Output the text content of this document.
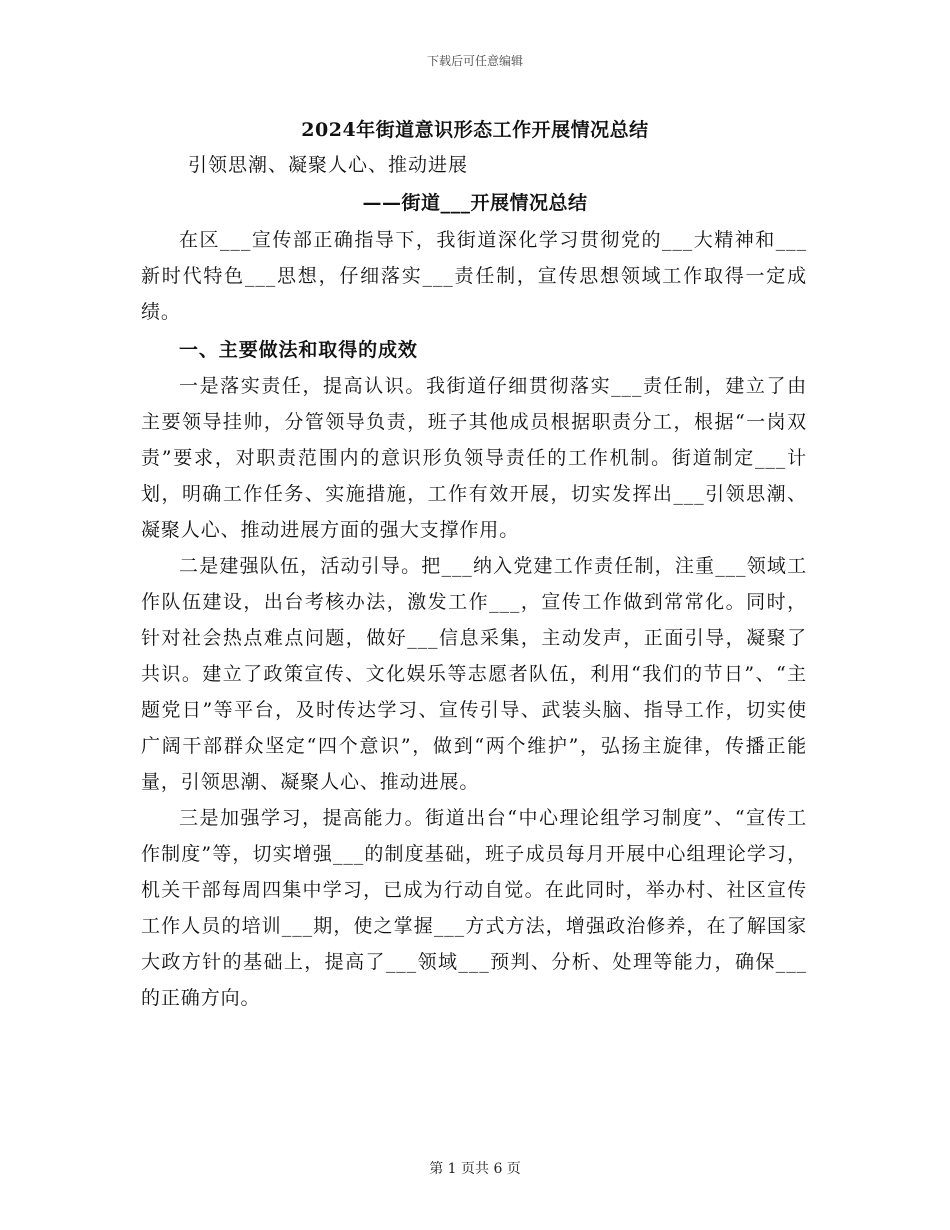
下载后可任意编辑
2024年街道意识形态工作开展情况总结
引领思潮、凝聚人心、推动进展
——街道___开展情况总结

在区___宣传部正确指导下，我街道深化学习贯彻党的___大精神和___新时代特色___思想，仔细落实___责任制，宣传思想领域工作取得一定成绩。

一、主要做法和取得的成效

一是落实责任，提高认识。我街道仔细贯彻落实___责任制，建立了由主要领导挂帅，分管领导负责，班子其他成员根据职责分工，根据“一岗双责”要求，对职责范围内的意识形负领导责任的工作机制。街道制定___计划，明确工作任务、实施措施，工作有效开展，切实发挥出___引领思潮、凝聚人心、推动进展方面的强大支撑作用。

二是建强队伍，活动引导。把___纳入党建工作责任制，注重___领域工作队伍建设，出台考核办法，激发工作___，宣传工作做到常常化。同时，针对社会热点难点问题，做好___信息采集，主动发声，正面引导，凝聚了共识。建立了政策宣传、文化娱乐等志愿者队伍，利用“我们的节日”、“主题党日”等平台，及时传达学习、宣传引导、武装头脑、指导工作，切实使广阔干部群众坚定“四个意识”，做到“两个维护”，弘扬主旋律，传播正能量，引领思潮、凝聚人心、推动进展。

三是加强学习，提高能力。街道出台“中心理论组学习制度”、“宣传工作制度”等，切实增强___的制度基础，班子成员每月开展中心组理论学习，机关干部每周四集中学习，已成为行动自觉。在此同时，举办村、社区宣传工作人员的培训___期，使之掌握___方式方法，增强政治修养，在了解国家大政方针的基础上，提高了___领域___预判、分析、处理等能力，确保___的正确方向。

第 1 页共 6 页
